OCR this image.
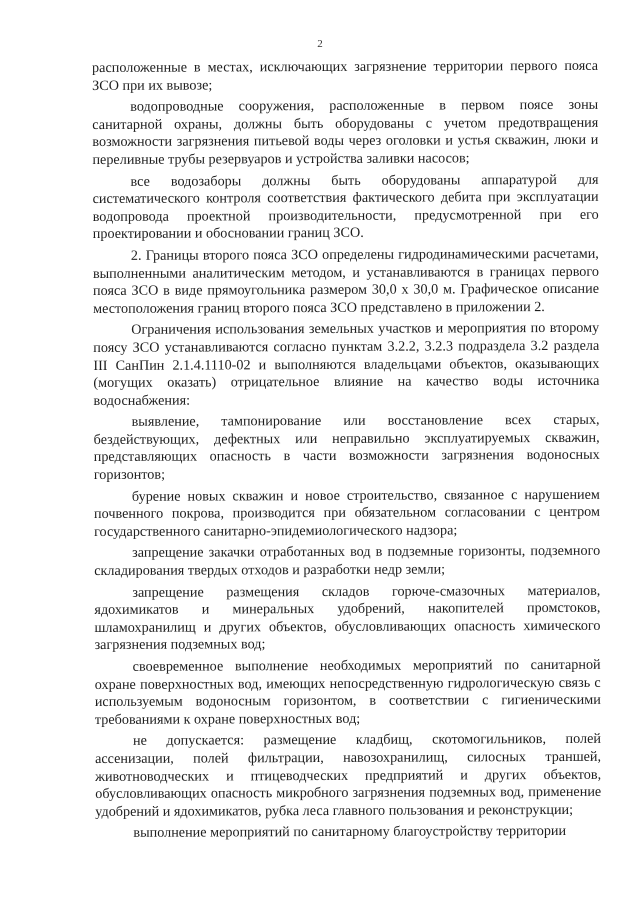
2

расположенные в местах, исключающих загрязнение территории первого пояса ЗСО при их вывозе;

водопроводные сооружения, расположенные в первом поясе зоны санитарной охраны, должны быть оборудованы с учетом предотвращения возможности загрязнения питьевой воды через оголовки и устья скважин, люки и переливные трубы резервуаров и устройства заливки насосов;

все водозаборы должны быть оборудованы аппаратурой для систематического контроля соответствия фактического дебита при эксплуатации водопровода проектной производительности, предусмотренной при его проектировании и обосновании границ ЗСО.

2. Границы второго пояса ЗСО определены гидродинамическими расчетами, выполненными аналитическим методом, и устанавливаются в границах первого пояса ЗСО в виде прямоугольника размером 30,0 х 30,0 м. Графическое описание местоположения границ второго пояса ЗСО представлено в приложении 2.

Ограничения использования земельных участков и мероприятия по второму поясу ЗСО устанавливаются согласно пунктам 3.2.2, 3.2.3 подраздела 3.2 раздела III СанПин 2.1.4.1110-02 и выполняются владельцами объектов, оказывающих (могущих оказать) отрицательное влияние на качество воды источника водоснабжения:

выявление, тампонирование или восстановление всех старых, бездействующих, дефектных или неправильно эксплуатируемых скважин, представляющих опасность в части возможности загрязнения водоносных горизонтов;

бурение новых скважин и новое строительство, связанное с нарушением почвенного покрова, производится при обязательном согласовании с центром государственного санитарно-эпидемиологического надзора;

запрещение закачки отработанных вод в подземные горизонты, подземного складирования твердых отходов и разработки недр земли;

запрещение размещения складов горюче-смазочных материалов, ядохимикатов и минеральных удобрений, накопителей промстоков, шламохранилищ и других объектов, обусловливающих опасность химического загрязнения подземных вод;

своевременное выполнение необходимых мероприятий по санитарной охране поверхностных вод, имеющих непосредственную гидрологическую связь с используемым водоносным горизонтом, в соответствии с гигиеническими требованиями к охране поверхностных вод;

не допускается: размещение кладбищ, скотомогильников, полей ассенизации, полей фильтрации, навозохранилищ, силосных траншей, животноводческих и птицеводческих предприятий и других объектов, обусловливающих опасность микробного загрязнения подземных вод, применение удобрений и ядохимикатов, рубка леса главного пользования и реконструкции;

выполнение мероприятий по санитарному благоустройству территории
